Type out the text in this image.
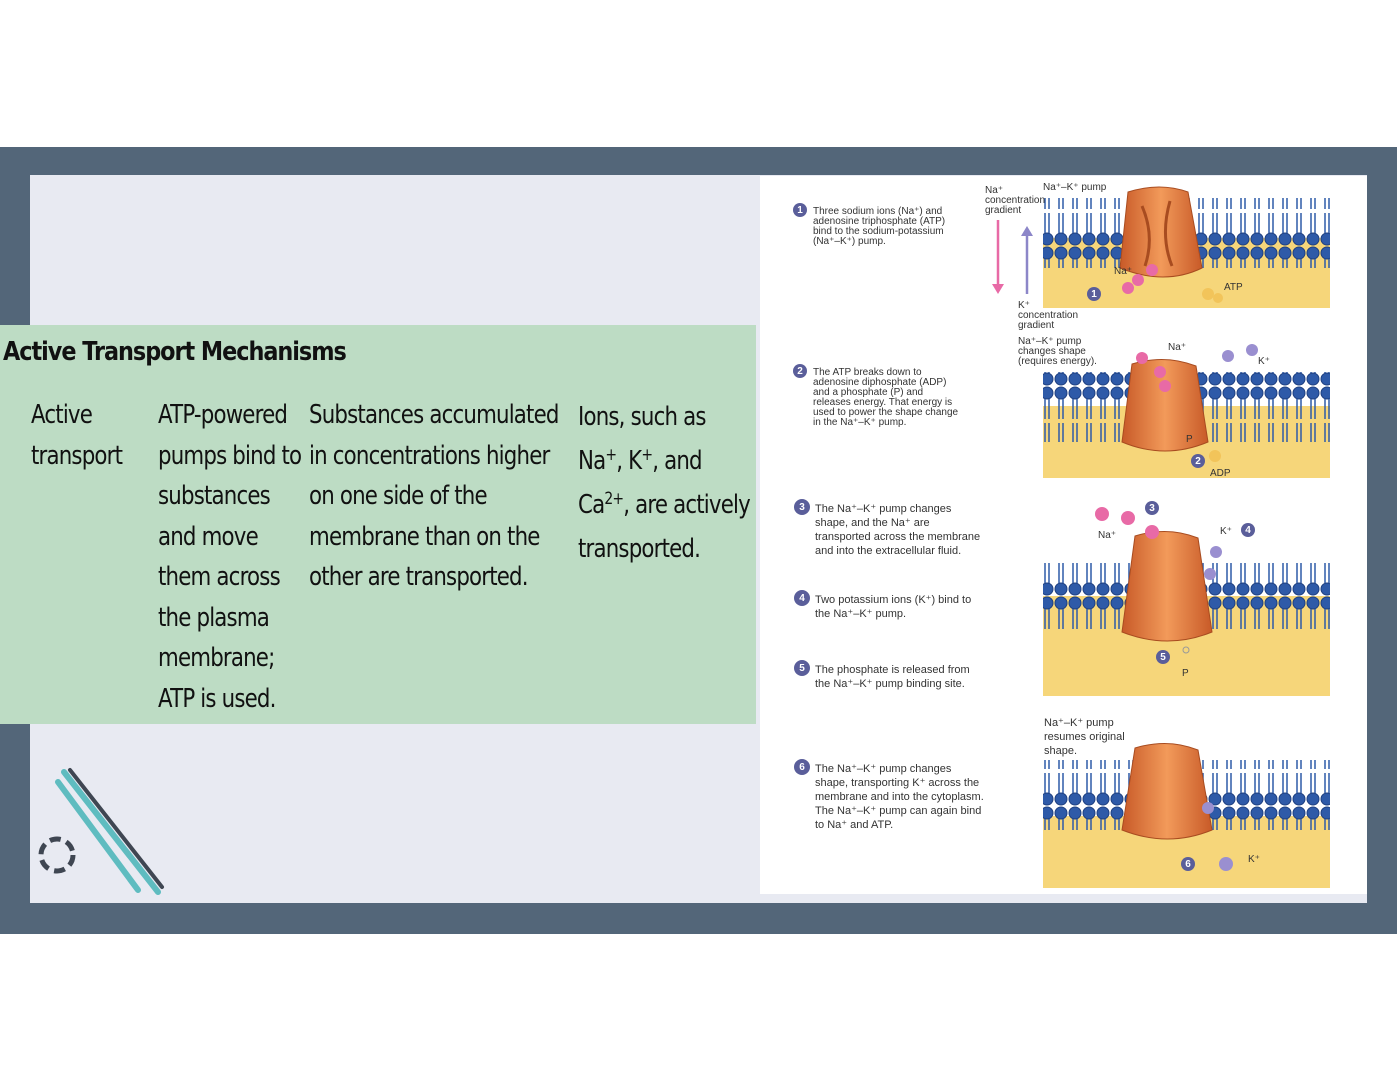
Active Transport Mechanisms
Active
transport
ATP-powered
pumps bind to
substances
and move
them across
the plasma
membrane;
ATP is used.
Substances accumulated
in concentrations higher
on one side of the
membrane than on the
other are transported.
Ions, such as
Na+, K+, and
$Ca^{2+}$, are actively
transported.
1
ATP
Na⁺
Na⁺
concentration
gradient
Na⁺–K⁺ pump
K⁺
concentration
gradient
2
ADP
P
Na⁺
K⁺
Na⁺–K⁺ pump
changes shape
(requires energy).
3
4
5
Na⁺	K⁺
P
6	K⁺
Na⁺–K⁺ pump
resumes original
shape.
1 Three sodium ions (Na⁺) and
adenosine triphosphate (ATP)
bind to the sodium-potassium
(Na⁺–K⁺) pump.
2 The ATP breaks down to
adenosine diphosphate (ADP)
and a phosphate (P) and
releases energy. That energy is
used to power the shape change
in the Na⁺–K⁺ pump.
3 The Na⁺–K⁺ pump changes
shape, and the Na⁺ are
transported across the membrane
and into the extracellular fluid.
4 Two potassium ions (K⁺) bind to
the Na⁺–K⁺ pump.
5 The phosphate is released from
the Na⁺–K⁺ pump binding site.
6 The Na⁺–K⁺ pump changes
shape, transporting K⁺ across the
membrane and into the cytoplasm.
The Na⁺–K⁺ pump can again bind
to Na⁺ and ATP.
